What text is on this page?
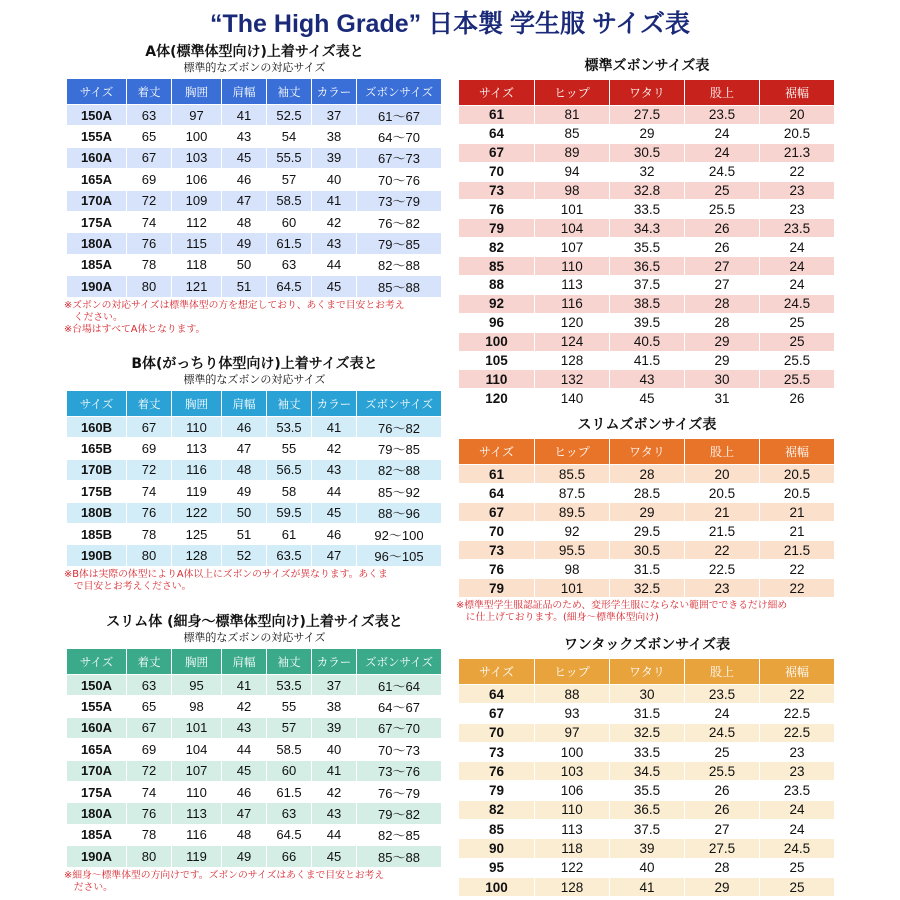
“The High Grade” 日本製 学生服 サイズ表
A体(標準体型向け)上着サイズ表と
標準的なズボンの対応サイズ
サイズ	着丈	胸囲	肩幅	袖丈	カラー	ズボンサイズ
150A	63	97	41	52.5	37	61〜67
155A	65	100	43	54	38	64〜70
160A	67	103	45	55.5	39	67〜73
165A	69	106	46	57	40	70〜76
170A	72	109	47	58.5	41	73〜79
175A	74	112	48	60	42	76〜82
180A	76	115	49	61.5	43	79〜85
185A	78	118	50	63	44	82〜88
190A	80	121	51	64.5	45	85〜88
※ズボンの対応サイズは標準体型の方を想定しており、あくまで目安とお考え
　ください。
※台場はすべてA体となります。
B体(がっちり体型向け)上着サイズ表と
標準的なズボンの対応サイズ
サイズ	着丈	胸囲	肩幅	袖丈	カラー	ズボンサイズ
160B	67	110	46	53.5	41	76〜82
165B	69	113	47	55	42	79〜85
170B	72	116	48	56.5	43	82〜88
175B	74	119	49	58	44	85〜92
180B	76	122	50	59.5	45	88〜96
185B	78	125	51	61	46	92〜100
190B	80	128	52	63.5	47	96〜105
※B体は実際の体型によりA体以上にズボンのサイズが異なります。あくま
　で目安とお考えください。
スリム体 (細身〜標準体型向け)上着サイズ表と
標準的なズボンの対応サイズ
サイズ	着丈	胸囲	肩幅	袖丈	カラー	ズボンサイズ
150A	63	95	41	53.5	37	61〜64
155A	65	98	42	55	38	64〜67
160A	67	101	43	57	39	67〜70
165A	69	104	44	58.5	40	70〜73
170A	72	107	45	60	41	73〜76
175A	74	110	46	61.5	42	76〜79
180A	76	113	47	63	43	79〜82
185A	78	116	48	64.5	44	82〜85
190A	80	119	49	66	45	85〜88
※細身〜標準体型の方向けです。ズボンのサイズはあくまで目安とお考え
　ださい。
標準ズボンサイズ表
サイズ	ヒップ	ワタリ	股上	裾幅
61	81	27.5	23.5	20
64	85	29	24	20.5
67	89	30.5	24	21.3
70	94	32	24.5	22
73	98	32.8	25	23
76	101	33.5	25.5	23
79	104	34.3	26	23.5
82	107	35.5	26	24
85	110	36.5	27	24
88	113	37.5	27	24
92	116	38.5	28	24.5
96	120	39.5	28	25
100	124	40.5	29	25
105	128	41.5	29	25.5
110	132	43	30	25.5
120	140	45	31	26
スリムズボンサイズ表
サイズ	ヒップ	ワタリ	股上	裾幅
61	85.5	28	20	20.5
64	87.5	28.5	20.5	20.5
67	89.5	29	21	21
70	92	29.5	21.5	21
73	95.5	30.5	22	21.5
76	98	31.5	22.5	22
79	101	32.5	23	22
※標準型学生服認証品のため、変形学生服にならない範囲でできるだけ細め
　に仕上げております。(細身〜標準体型向け)
ワンタックズボンサイズ表
サイズ	ヒップ	ワタリ	股上	裾幅
64	88	30	23.5	22
67	93	31.5	24	22.5
70	97	32.5	24.5	22.5
73	100	33.5	25	23
76	103	34.5	25.5	23
79	106	35.5	26	23.5
82	110	36.5	26	24
85	113	37.5	27	24
90	118	39	27.5	24.5
95	122	40	28	25
100	128	41	29	25
